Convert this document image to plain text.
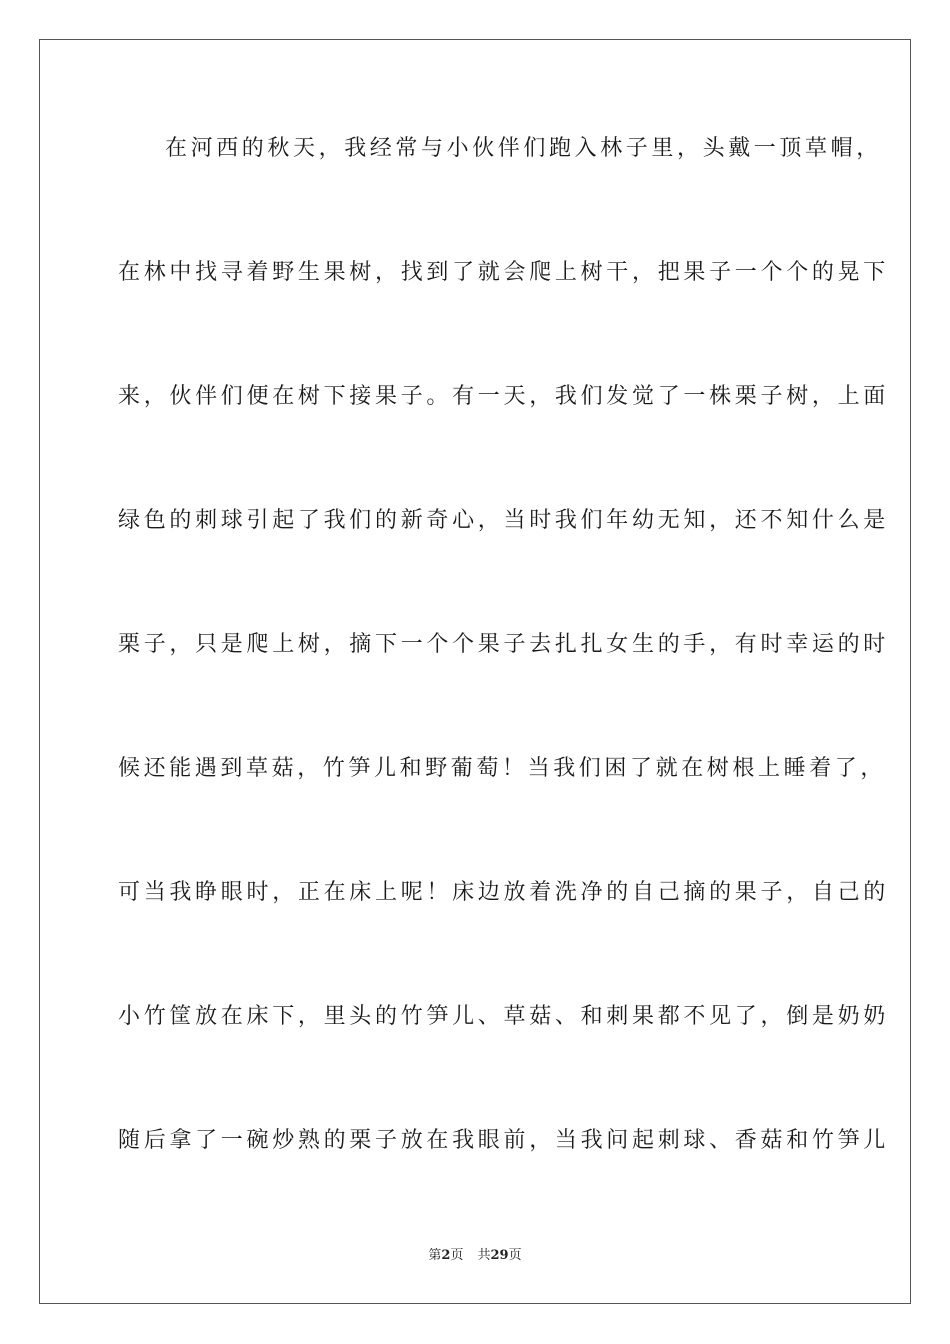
在河西的秋天，我经常与小伙伴们跑入林子里，头戴一顶草帽，
在林中找寻着野生果树，找到了就会爬上树干，把果子一个个的晃下
来，伙伴们便在树下接果子。有一天，我们发觉了一株栗子树，上面
绿色的刺球引起了我们的新奇心，当时我们年幼无知，还不知什么是
栗子，只是爬上树，摘下一个个果子去扎扎女生的手，有时幸运的时
候还能遇到草菇，竹笋儿和野葡萄！当我们困了就在树根上睡着了，
可当我睁眼时，正在床上呢！床边放着洗净的自己摘的果子，自己的
小竹筐放在床下，里头的竹笋儿、草菇、和刺果都不见了，倒是奶奶
随后拿了一碗炒熟的栗子放在我眼前，当我问起刺球、香菇和竹笋儿
第2页 共29页
